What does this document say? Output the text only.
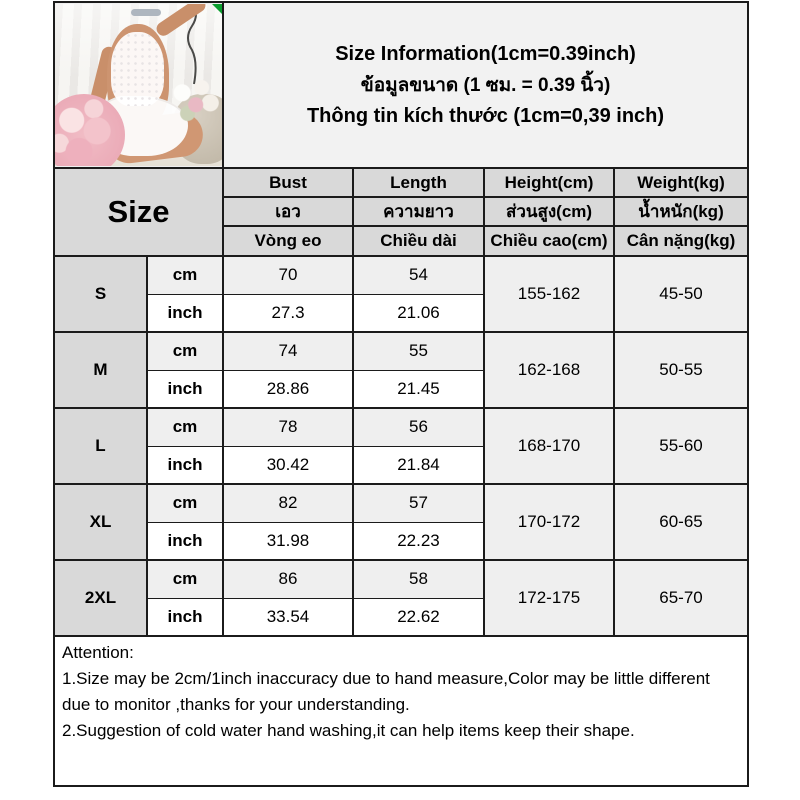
Size Information(1cm=0.39inch)
ข้อมูลขนาด (1 ซม. = 0.39 นิ้ว)
Thông tin kích thước (1cm=0,39 inch)			

Size		Bust	Length	Height(cm)	Weight(kg)
		เอว	ความยาว	ส่วนสูง(cm)	น้ำหนัก(kg)
		Vòng eo	Chiều dài	Chiều cao(cm)	Cân nặng(kg)
S	cm	70	54	155-162	45-50
	inch	27.3	21.06		
M	cm	74	55	162-168	50-55
	inch	28.86	21.45		
L	cm	78	56	168-170	55-60
	inch	30.42	21.84		
XL	cm	82	57	170-172	60-65
	inch	31.98	22.23		
2XL	cm	86	58	172-175	65-70
	inch	33.54	22.62		

Attention:
1.Size may be 2cm/1inch inaccuracy due to hand measure,Color may be little different due to monitor ,thanks for your understanding.
2.Suggestion of cold water hand washing,it can help items keep their shape.					
